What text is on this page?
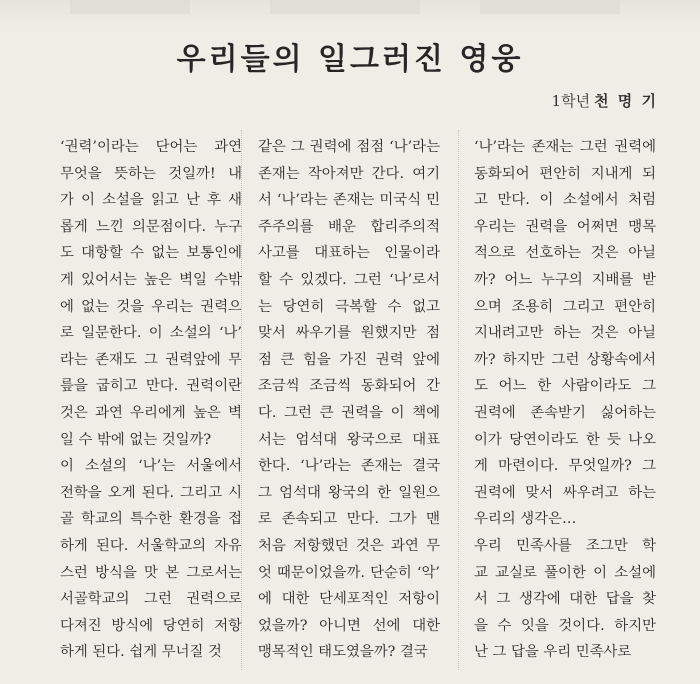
우리들의 일그러진 영웅
1학년 천 명 기
‘권력’이라는 단어는 과연
무엇을 뜻하는 것일까! 내
가 이 소설을 읽고 난 후 새
롭게 느낀 의문점이다. 누구
도 대항할 수 없는 보통인에
게 있어서는 높은 벽일 수밖
에 없는 것을 우리는 권력으
로 일문한다. 이 소설의 ‘나’
라는 존재도 그 권력앞에 무
릎을 굽히고 만다. 권력이란
것은 과연 우리에게 높은 벽
일 수 밖에 없는 것일까?
이 소설의 ‘나’는 서울에서
전학을 오게 된다. 그리고 시
골 학교의 특수한 환경을 접
하게 된다. 서울학교의 자유
스런 방식을 맛 본 그로서는
서골학교의 그런 권력으로
다져진 방식에 당연히 저항
하게 된다. 쉽게 무너질 것
같은 그 권력에 점점 ‘나’라는
존재는 작아져만 간다. 여기
서 ‘나’라는 존재는 미국식 민
주주의를 배운 합리주의적
사고를 대표하는 인물이라
할 수 있겠다. 그런 ‘나’로서
는 당연히 극복할 수 없고
맞서 싸우기를 원했지만 점
점 큰 힘을 가진 권력 앞에
조금씩 조금씩 동화되어 간
다. 그런 큰 권력을 이 책에
서는 엄석대 왕국으로 대표
한다. ‘나’라는 존재는 결국
그 엄석대 왕국의 한 일원으
로 존속되고 만다. 그가 맨
처음 저항했던 것은 과연 무
엇 때문이었을까. 단순히 ‘악’
에 대한 단세포적인 저항이
었을까? 아니면 선에 대한
맹목적인 태도였을까? 결국
‘나’라는 존재는 그런 권력에
동화되어 편안히 지내게 되
고 만다. 이 소설에서 처럼
우리는 권력을 어쩌면 맹목
적으로 선호하는 것은 아닐
까? 어느 누구의 지배를 받
으며 조용히 그리고 편안히
지내려고만 하는 것은 아닐
까? 하지만 그런 상황속에서
도 어느 한 사람이라도 그
권력에 존속받기 싫어하는
이가 당연이라도 한 듯 나오
게 마련이다. 무엇일까? 그
권력에 맞서 싸우려고 하는
우리의 생각은…
우리 민족사를 조그만 학
교 교실로 풀이한 이 소설에
서 그 생각에 대한 답을 찾
을 수 잇을 것이다. 하지만
난 그 답을 우리 민족사로
